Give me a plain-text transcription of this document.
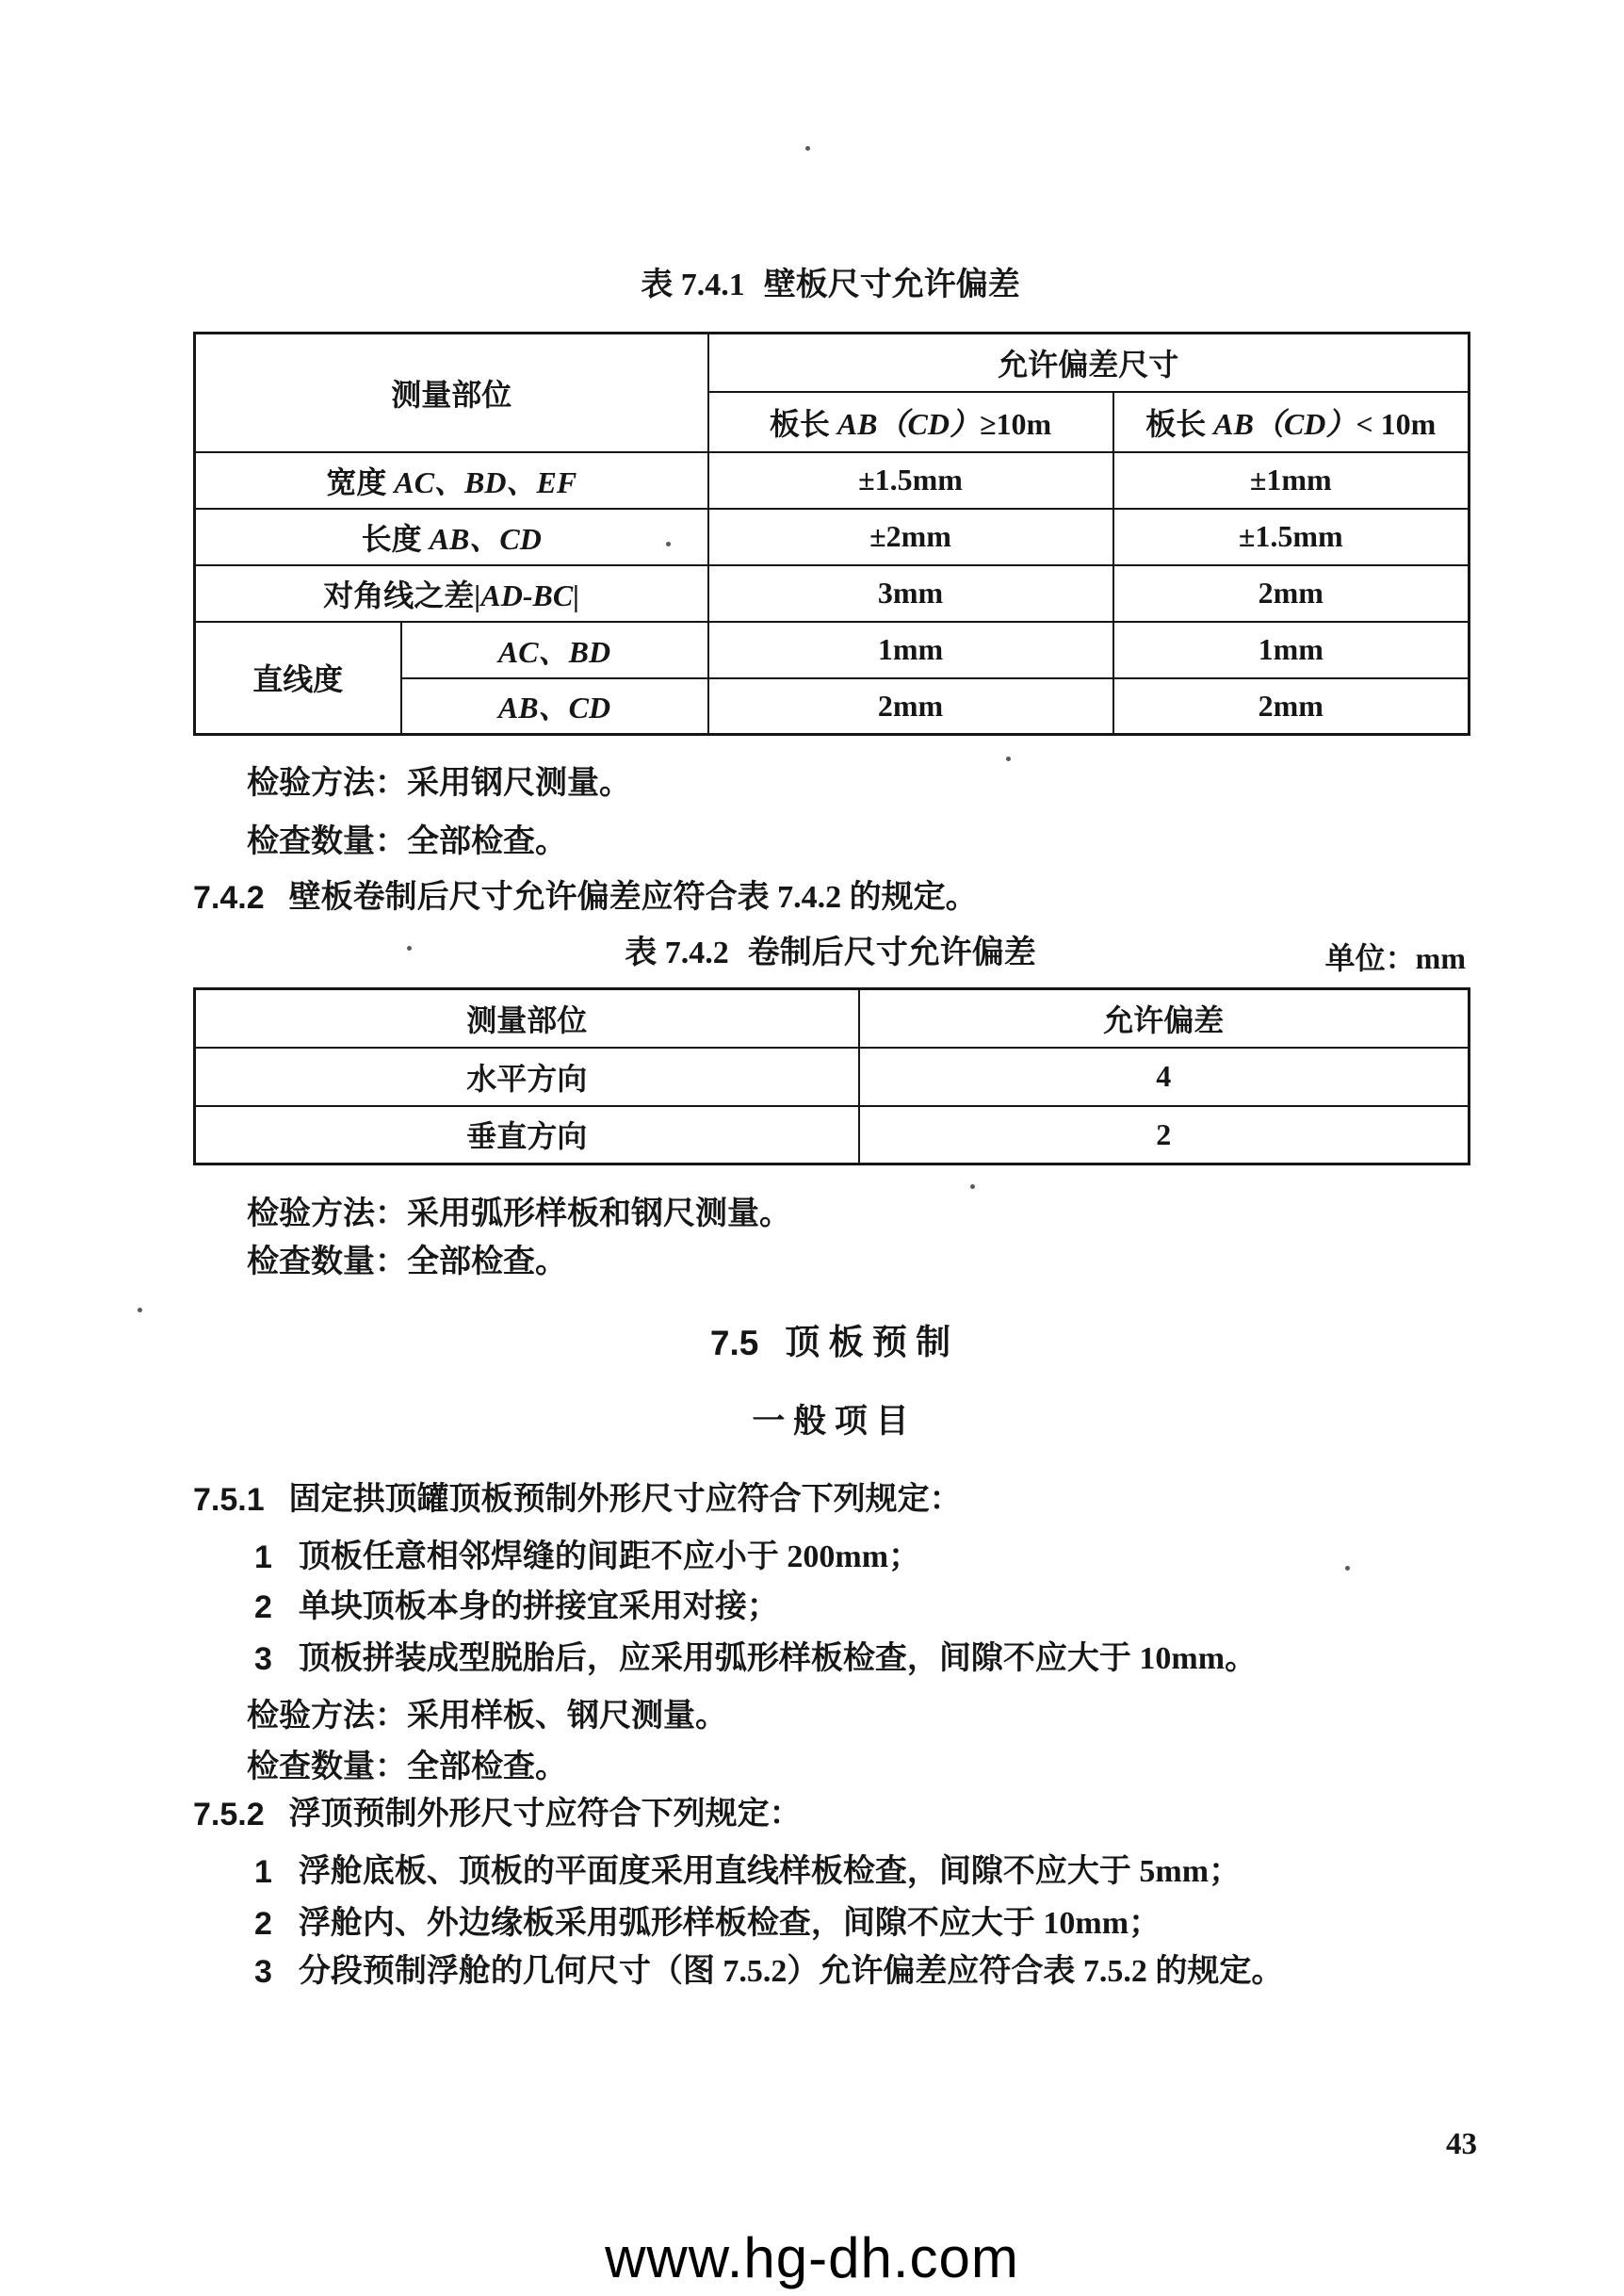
表 7.4.1 壁板尺寸允许偏差
测量部位		允许偏差尺寸	
		板长 AB（CD）≥10m	板长 AB（CD）< 10m
宽度 AC、BD、EF		±1.5mm	±1mm
长度 AB、CD		±2mm	±1.5mm
对角线之差|AD-BC|		3mm	2mm
直线度	AC、BD	1mm	1mm
	AB、CD	2mm	2mm
检验方法：采用钢尺测量。
检查数量：全部检查。
7.4.2 壁板卷制后尺寸允许偏差应符合表 7.4.2 的规定。
表 7.4.2 卷制后尺寸允许偏差	单位：mm
测量部位	允许偏差
水平方向	4
垂直方向	2
检验方法：采用弧形样板和钢尺测量。
检查数量：全部检查。
7.5 顶 板 预 制
一 般 项 目
7.5.1 固定拱顶罐顶板预制外形尺寸应符合下列规定：
1 顶板任意相邻焊缝的间距不应小于 200mm；
2 单块顶板本身的拼接宜采用对接；
3 顶板拼装成型脱胎后，应采用弧形样板检查，间隙不应大于 10mm。
检验方法：采用样板、钢尺测量。
检查数量：全部检查。
7.5.2 浮顶预制外形尺寸应符合下列规定：
1 浮舱底板、顶板的平面度采用直线样板检查，间隙不应大于 5mm；
2 浮舱内、外边缘板采用弧形样板检查，间隙不应大于 10mm；
3 分段预制浮舱的几何尺寸（图 7.5.2）允许偏差应符合表 7.5.2 的规定。
43
www.hg-dh.com
